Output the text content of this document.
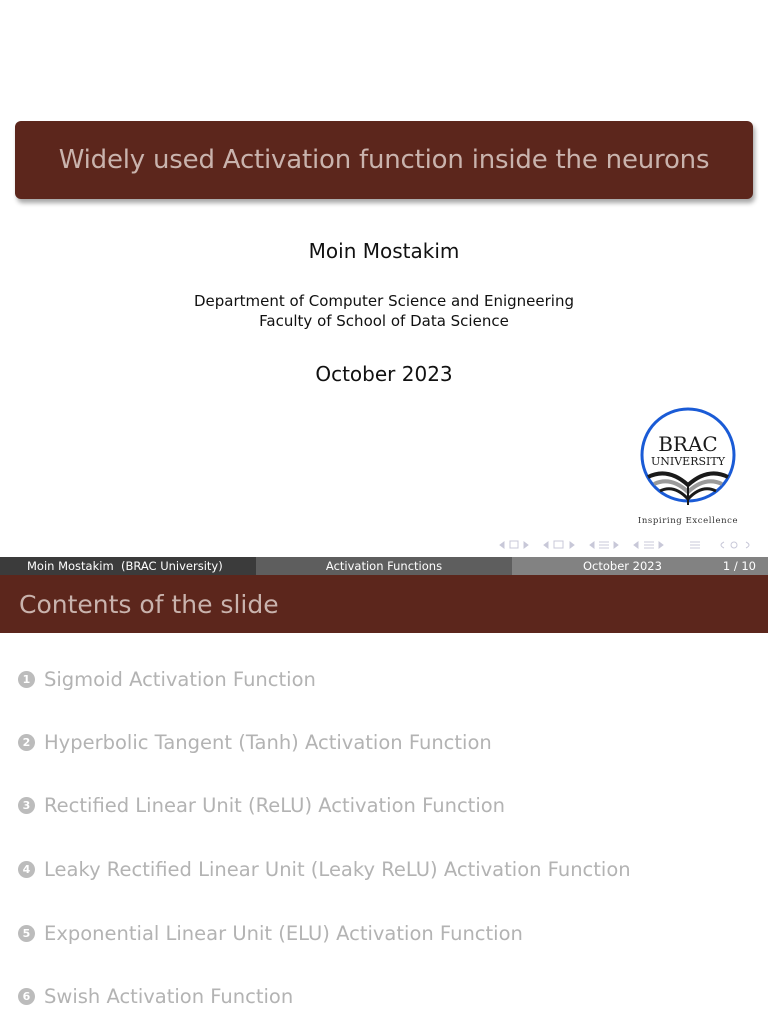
Widely used Activation function inside the neurons
Moin Mostakim
Department of Computer Science and Enigneering
Faculty of School of Data Science
October 2023
BRAC
UNIVERSITY
Inspiring Excellence
Moin Mostakim  (BRAC University)	Activation Functions	October 2023	1 / 10
Contents of the slide
1 Sigmoid Activation Function
2 Hyperbolic Tangent (Tanh) Activation Function
3 Rectified Linear Unit (ReLU) Activation Function
4 Leaky Rectified Linear Unit (Leaky ReLU) Activation Function
5 Exponential Linear Unit (ELU) Activation Function
6 Swish Activation Function
